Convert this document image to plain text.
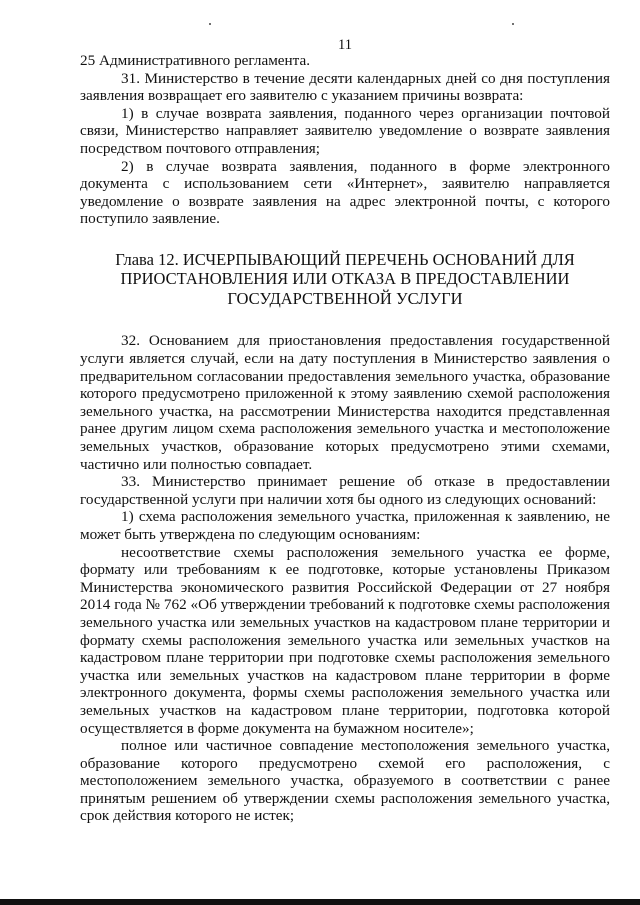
11

25 Административного регламента.

31. Министерство в течение десяти календарных дней со дня поступления заявления возвращает его заявителю с указанием причины возврата:

1) в случае возврата заявления, поданного через организации почтовой связи, Министерство направляет заявителю уведомление о возврате заявления посредством почтового отправления;

2) в случае возврата заявления, поданного в форме электронного документа с использованием сети «Интернет», заявителю направляется уведомление о возврате заявления на адрес электронной почты, с которого поступило заявление.

Глава 12. ИСЧЕРПЫВАЮЩИЙ ПЕРЕЧЕНЬ ОСНОВАНИЙ ДЛЯ ПРИОСТАНОВЛЕНИЯ ИЛИ ОТКАЗА В ПРЕДОСТАВЛЕНИИ ГОСУДАРСТВЕННОЙ УСЛУГИ

32. Основанием для приостановления предоставления государственной услуги является случай, если на дату поступления в Министерство заявления о предварительном согласовании предоставления земельного участка, образование которого предусмотрено приложенной к этому заявлению схемой расположения земельного участка, на рассмотрении Министерства находится представленная ранее другим лицом схема расположения земельного участка и местоположение земельных участков, образование которых предусмотрено этими схемами, частично или полностью совпадает.

33. Министерство принимает решение об отказе в предоставлении государственной услуги при наличии хотя бы одного из следующих оснований:

1) схема расположения земельного участка, приложенная к заявлению, не может быть утверждена по следующим основаниям:

несоответствие схемы расположения земельного участка ее форме, формату или требованиям к ее подготовке, которые установлены Приказом Министерства экономического развития Российской Федерации от 27 ноября 2014 года № 762 «Об утверждении требований к подготовке схемы расположения земельного участка или земельных участков на кадастровом плане территории и формату схемы расположения земельного участка или земельных участков на кадастровом плане территории при подготовке схемы расположения земельного участка или земельных участков на кадастровом плане территории в форме электронного документа, формы схемы расположения земельного участка или земельных участков на кадастровом плане территории, подготовка которой осуществляется в форме документа на бумажном носителе»;

полное или частичное совпадение местоположения земельного участка, образование которого предусмотрено схемой его расположения, с местоположением земельного участка, образуемого в соответствии с ранее принятым решением об утверждении схемы расположения земельного участка, срок действия которого не истек;
